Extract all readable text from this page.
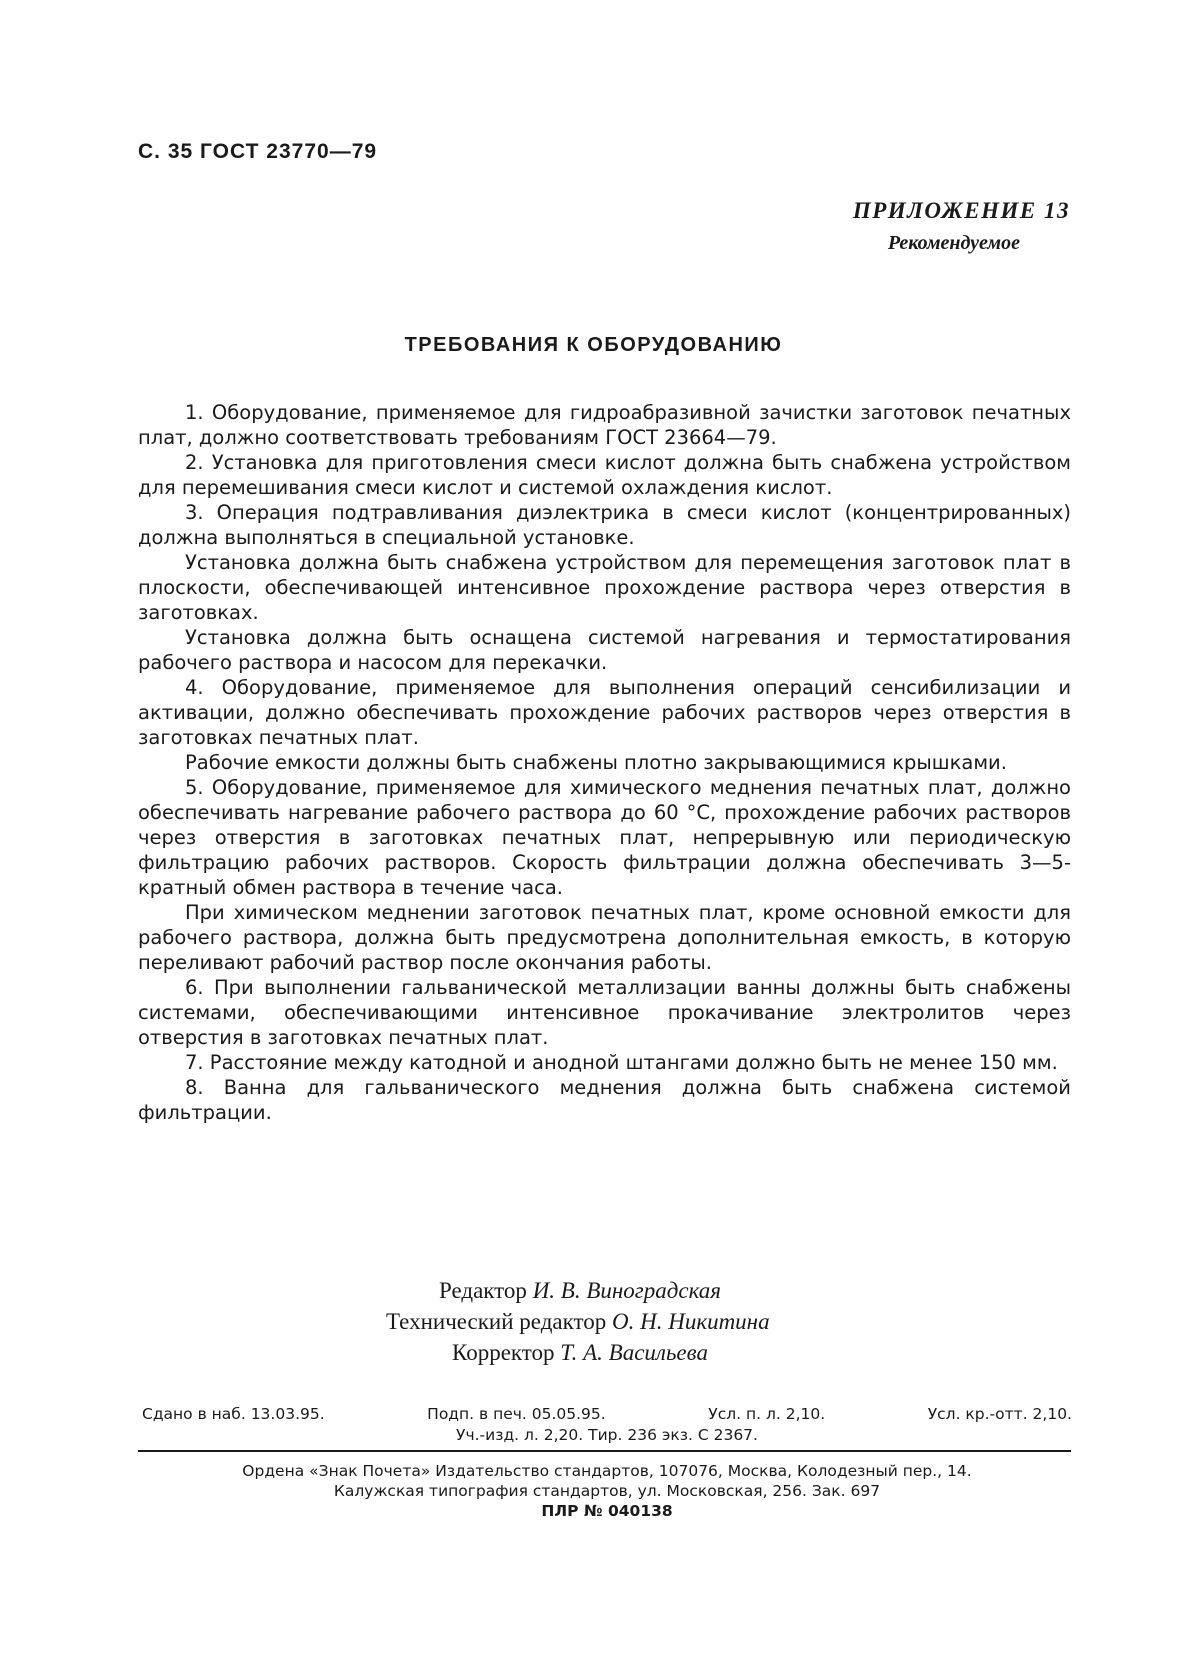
С. 35 ГОСТ 23770—79
ПРИЛОЖЕНИЕ 13
Рекомендуемое
ТРЕБОВАНИЯ К ОБОРУДОВАНИЮ

1. Оборудование, применяемое для гидроабразивной зачистки заготовок печатных плат, должно соответствовать требованиям ГОСТ 23664—79.

2. Установка для приготовления смеси кислот должна быть снабжена устройством для перемешивания смеси кислот и системой охлаждения кислот.

3. Операция подтравливания диэлектрика в смеси кислот (концентрированных) должна выполняться в специальной установке.

Установка должна быть снабжена устройством для перемещения заготовок плат в плоскости, обеспечивающей интенсивное прохождение раствора через отверстия в заготовках.

Установка должна быть оснащена системой нагревания и термостатирования рабочего раствора и насосом для перекачки.

4. Оборудование, применяемое для выполнения операций сенсибилизации и активации, должно обеспечивать прохождение рабочих растворов через отверстия в заготовках печатных плат.

Рабочие емкости должны быть снабжены плотно закрывающимися крышками.

5. Оборудование, применяемое для химического меднения печатных плат, должно обеспечивать нагревание рабочего раствора до 60 °С, прохождение рабочих растворов через отверстия в заготовках печатных плат, непрерывную или периодическую фильтрацию рабочих растворов. Скорость фильтрации должна обеспечивать 3—5-кратный обмен раствора в течение часа.

При химическом меднении заготовок печатных плат, кроме основной емкости для рабочего раствора, должна быть предусмотрена дополнительная емкость, в которую переливают рабочий раствор после окончания работы.

6. При выполнении гальванической металлизации ванны должны быть снабжены системами, обеспечивающими интенсивное прокачивание электролитов через отверстия в заготовках печатных плат.

7. Расстояние между катодной и анодной штангами должно быть не менее 150 мм.

8. Ванна для гальванического меднения должна быть снабжена системой фильтрации.

Редактор И. В. Виноградская
Технический редактор О. Н. Никитина
Корректор Т. А. Васильева
Сдано в наб. 13.03.95.	Подп. в печ. 05.05.95.	Усл. п. л. 2,10.	Усл. кр.-отт. 2,10.
Уч.-изд. л. 2,20. Тир. 236 экз. С 2367.
Ордена «Знак Почета» Издательство стандартов, 107076, Москва, Колодезный пер., 14.
Калужская типография стандартов, ул. Московская, 256. Зак. 697
ПЛР № 040138
